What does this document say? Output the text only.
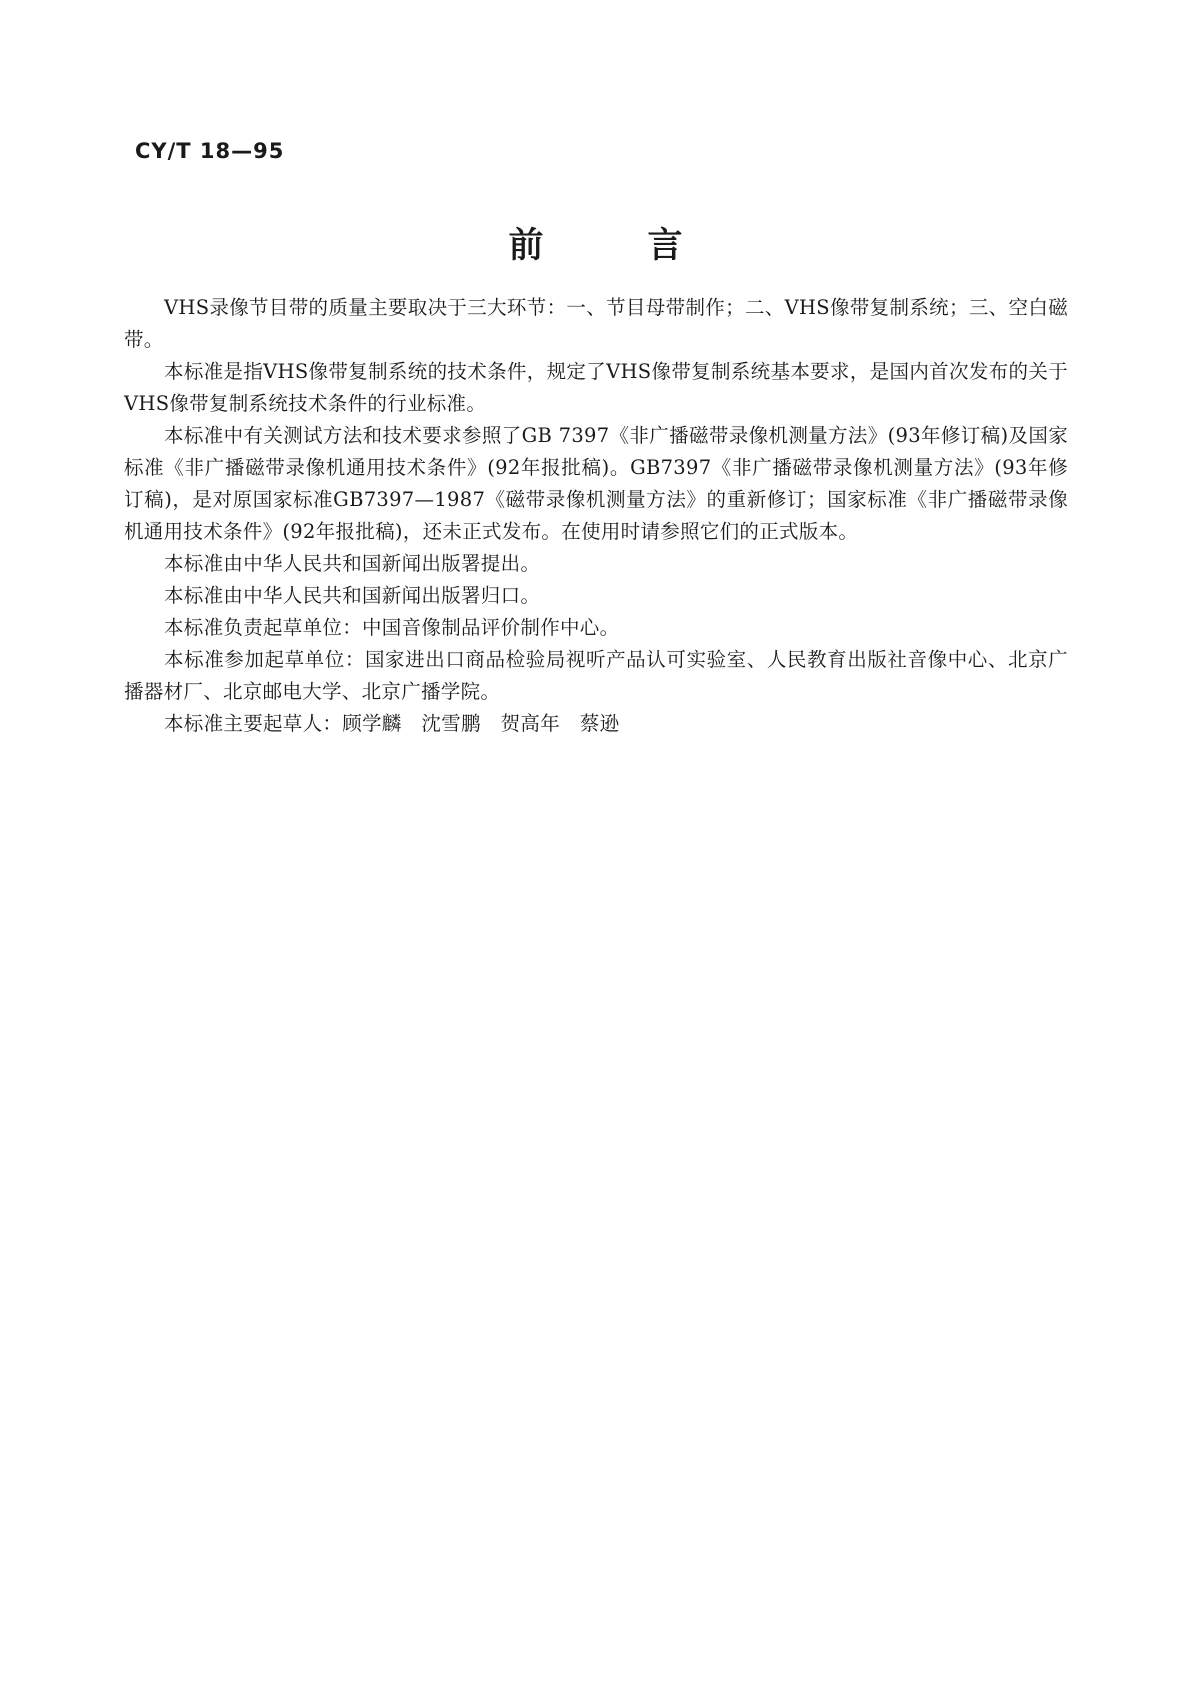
CY/T 18—95

前言

VHS录像节目带的质量主要取决于三大环节：一、节目母带制作；二、VHS像带复制系统；三、空白磁带。

本标准是指VHS像带复制系统的技术条件，规定了VHS像带复制系统基本要求，是国内首次发布的关于VHS像带复制系统技术条件的行业标准。

本标准中有关测试方法和技术要求参照了GB 7397《非广播磁带录像机测量方法》(93年修订稿)及国家标准《非广播磁带录像机通用技术条件》(92年报批稿)。GB7397《非广播磁带录像机测量方法》(93年修订稿)，是对原国家标准GB7397—1987《磁带录像机测量方法》的重新修订；国家标准《非广播磁带录像机通用技术条件》(92年报批稿)，还未正式发布。在使用时请参照它们的正式版本。

本标准由中华人民共和国新闻出版署提出。

本标准由中华人民共和国新闻出版署归口。

本标准负责起草单位：中国音像制品评价制作中心。

本标准参加起草单位：国家进出口商品检验局视听产品认可实验室、人民教育出版社音像中心、北京广播器材厂、北京邮电大学、北京广播学院。

本标准主要起草人：顾学麟　沈雪鹏　贺高年　蔡逊
